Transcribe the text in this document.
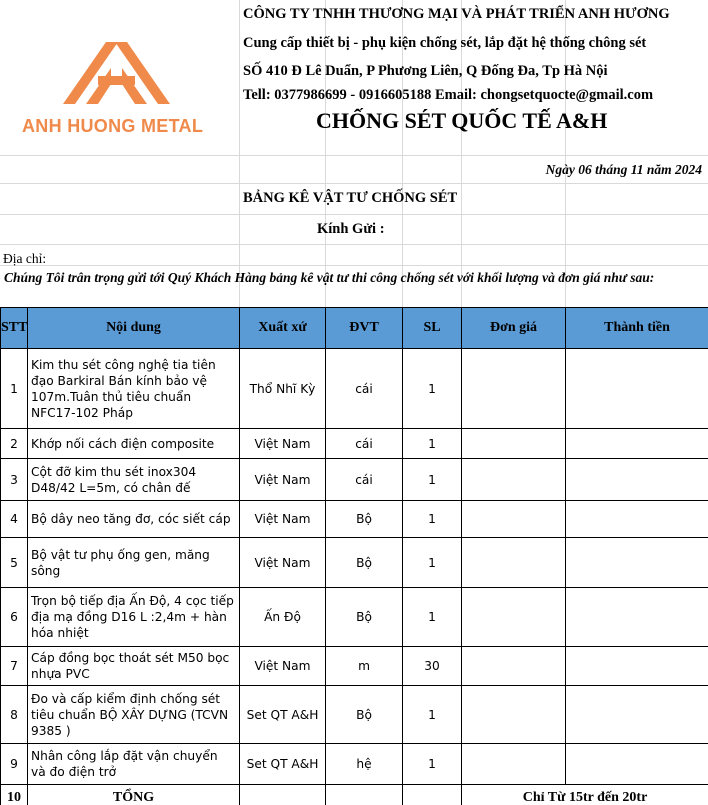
ANH HUONG METAL
CÔNG TY TNHH THƯƠNG MẠI VÀ PHÁT TRIỂN ANH HƯƠNG
Cung cấp thiết bị - phụ kiện chống sét, lắp đặt hệ thống chông sét
SỐ 410 Đ Lê Duẩn, P Phương Liên, Q Đống Đa, Tp Hà Nội
Tell: 0377986699 - 0916605188 Email: chongsetquocte@gmail.com
CHỐNG SÉT QUỐC TẾ A&H
Ngày 06 tháng 11 năm 2024
BẢNG KÊ VẬT TƯ CHỐNG SÉT
Kính Gửi :
Địa chỉ:
Chúng Tôi trân trọng gửi tới Quý Khách Hàng bảng kê vật tư thi công chống sét với khối lượng và đơn giá như sau:
STT	Nội dung	Xuất xứ	ĐVT	SL	Đơn giá	Thành tiền
1	Kim thu sét công nghệ tia tiên đạo Barkiral Bán kính bảo vệ 107m.Tuân thủ tiêu chuẩn NFC17-102 Pháp	Thổ Nhĩ Kỳ	cái	1		
2	Khớp nối cách điện composite	Việt Nam	cái	1		
3	Cột đỡ kim thu sét inox304 D48/42 L=5m, có chân đế	Việt Nam	cái	1		
4	Bộ dây neo tăng đơ, cóc siết cáp	Việt Nam	Bộ	1		
5	Bộ vật tư phụ ống gen, măng sông	Việt Nam	Bộ	1		
6	Trọn bộ tiếp địa Ấn Độ, 4 cọc tiếp địa mạ đồng D16 L :2,4m + hàn hóa nhiệt	Ấn Độ	Bộ	1		
7	Cáp đồng bọc thoát sét M50 bọc nhựa PVC	Việt Nam	m	30		
8	Đo và cấp kiểm định chống sét tiêu chuẩn BỘ XÂY DỰNG (TCVN 9385 )	Set QT A&H	Bộ	1		
9	Nhân công lắp đặt vận chuyển và đo điện trở	Set QT A&H	hệ	1		
10	TỔNG				Chỉ Từ 15tr đến 20tr	
